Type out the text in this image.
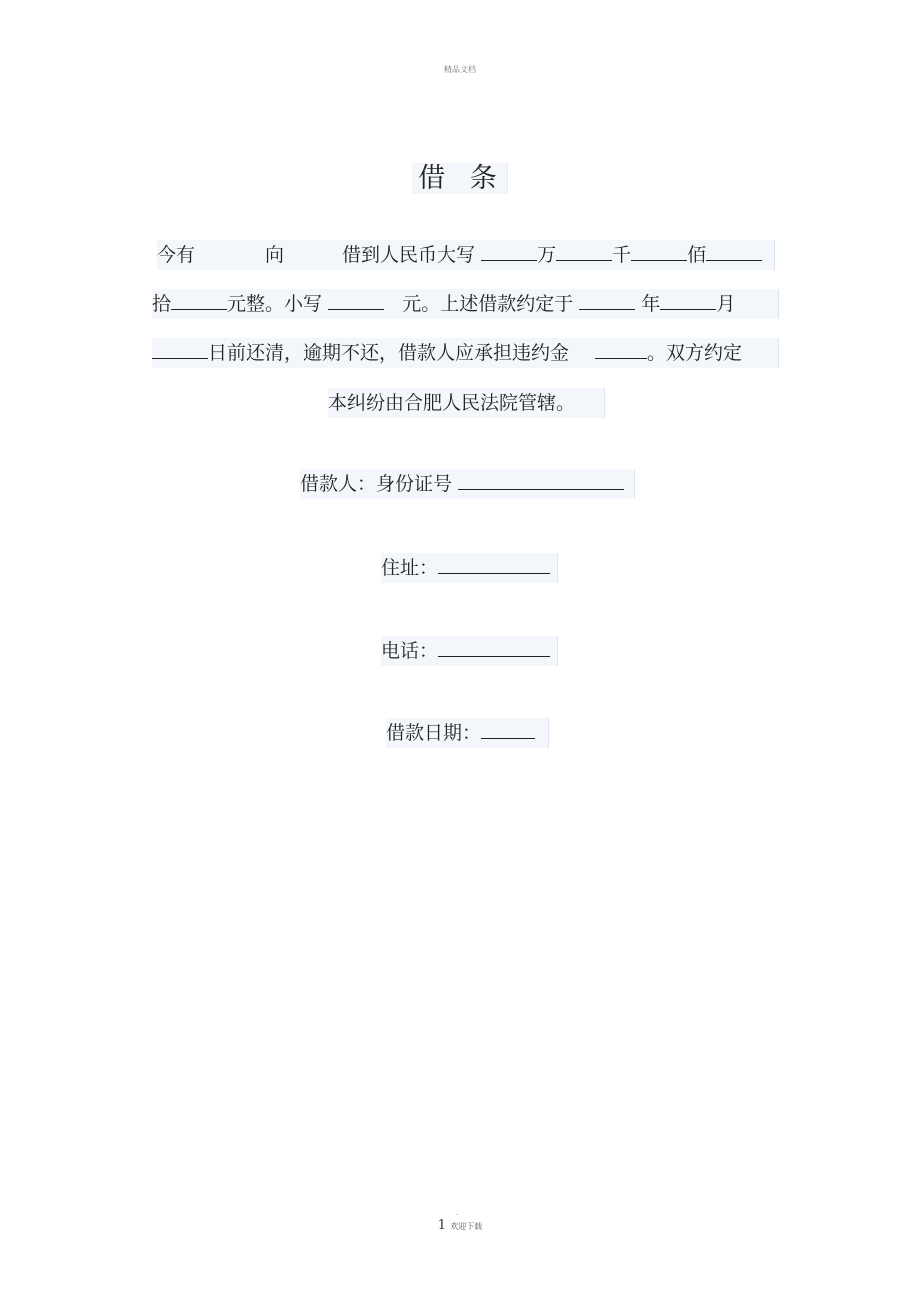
精品文档
借 条
今有	向	借到人民币大写	万	千	佰
拾	元整。小写	元。上述借款约定于	年	月
日前还清，逾期不还，借款人应承担违约金	。双方约定
本纠纷由合肥人民法院管辖。
借款人：身份证号
住址：
电话：
借款日期：
.
1 欢迎下载
